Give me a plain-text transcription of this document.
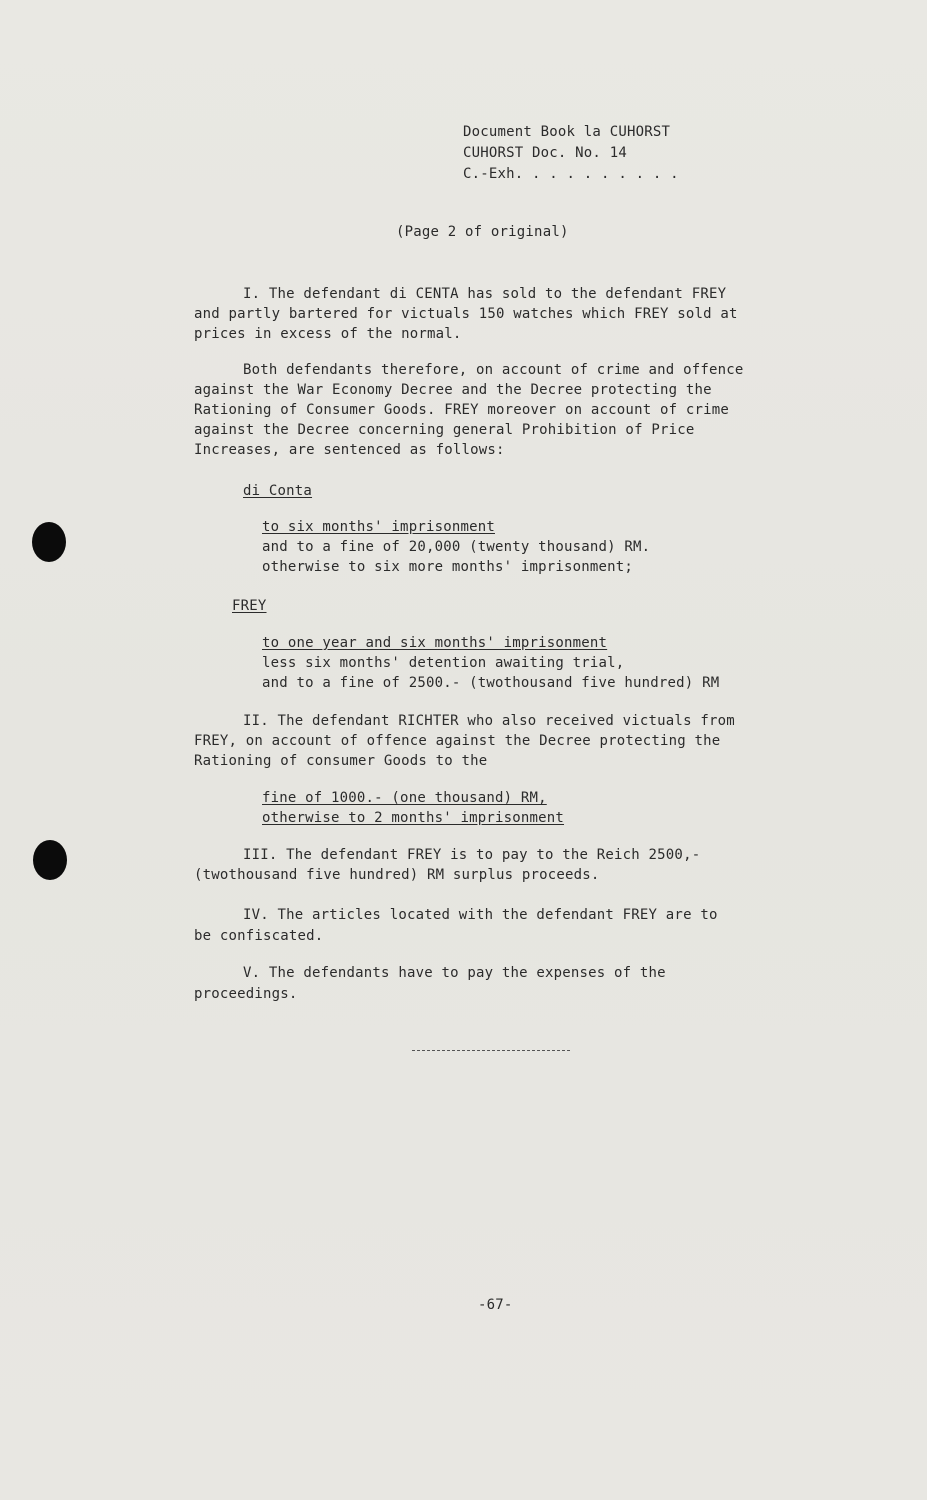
Document Book la CUHORST
CUHORST Doc. No. 14
C.-Exh. . . . . . . . . .
(Page 2 of original)
I. The defendant di CENTA has sold to the defendant FREY
and partly bartered for victuals 150 watches which FREY sold at
prices in excess of the normal.
Both defendants therefore, on account of crime and offence
against the War Economy Decree and the Decree protecting the
Rationing of Consumer Goods. FREY moreover on account of crime
against the Decree concerning general Prohibition of Price
Increases, are sentenced as follows:
di Conta
to six months' imprisonment
and to a fine of 20,000 (twenty thousand) RM.
otherwise to six more months' imprisonment;
FREY
to one year and six months' imprisonment
less six months' detention awaiting trial,
and to a fine of 2500.- (twothousand five hundred) RM
II. The defendant RICHTER who also received victuals from
FREY, on account of offence against the Decree protecting the
Rationing of consumer Goods to the
fine of 1000.- (one thousand) RM,
otherwise to 2 months' imprisonment
III. The defendant FREY is to pay to the Reich 2500,-
(twothousand five hundred) RM surplus proceeds.
IV. The articles located with the defendant FREY are to
be confiscated.
V. The defendants have to pay the expenses of the
proceedings.
-67-
